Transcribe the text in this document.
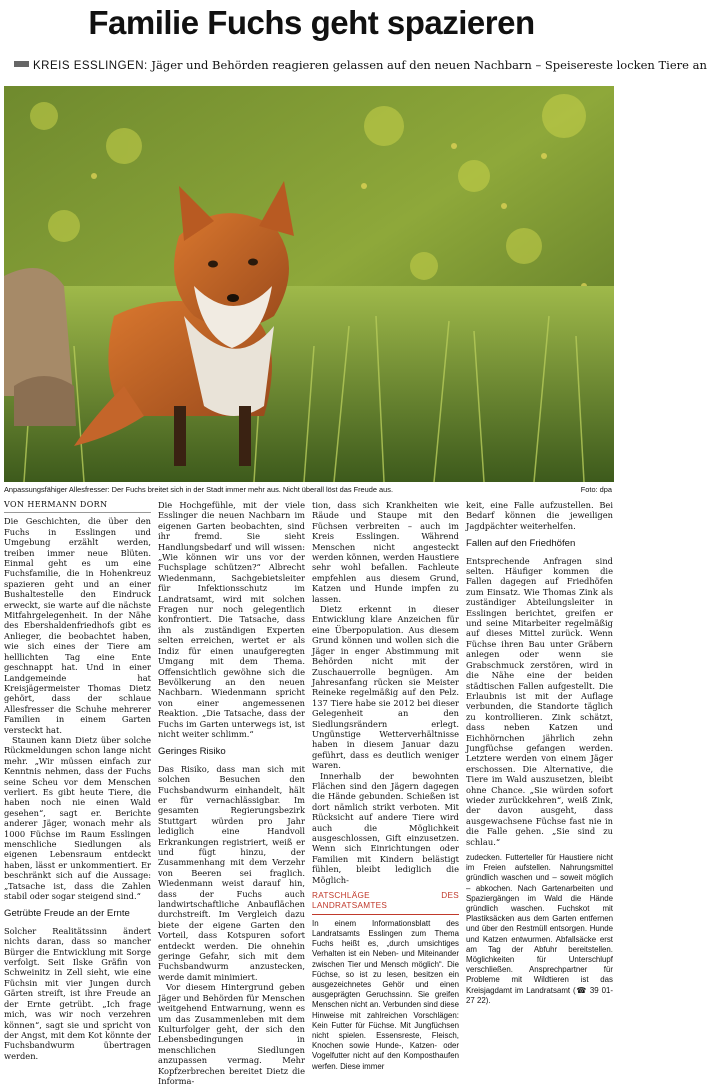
Familie Fuchs geht spazieren
KREIS ESSLINGEN: Jäger und Behörden reagieren gelassen auf den neuen Nachbarn – Speisereste locken Tiere an
Anpassungsfähiger Allesfresser: Der Fuchs breitet sich in der Stadt immer mehr aus. Nicht überall löst das Freude aus.	Foto: dpa
VON HERMANN DORN

Die Geschichten, die über den Fuchs in Esslingen und Umgebung erzählt werden, treiben immer neue Blüten. Einmal geht es um eine Fuchsfamilie, die in Hohenkreuz spazieren geht und an einer Bushaltestelle den Eindruck erweckt, sie warte auf die nächste Mitfahrgelegenheit. In der Nähe des Ebershaldenfriedhofs gibt es Anlieger, die beobachtet haben, wie sich eines der Tiere am helllichten Tag eine Ente geschnappt hat. Und in einer Landgemeinde hat Kreisjägermeister Thomas Dietz gehört, dass der schlaue Allesfresser die Schuhe mehrerer Familien in einem Garten versteckt hat.

Staunen kann Dietz über solche Rückmeldungen schon lange nicht mehr. „Wir müssen einfach zur Kenntnis nehmen, dass der Fuchs seine Scheu vor dem Menschen verliert. Es gibt heute Tiere, die haben noch nie einen Wald gesehen“, sagt er. Berichte anderer Jäger, wonach mehr als 1000 Füchse im Raum Esslingen menschliche Siedlungen als eigenen Lebensraum entdeckt haben, lässt er unkommentiert. Er beschränkt sich auf die Aussage: „Tatsache ist, dass die Zahlen stabil oder sogar steigend sind.“

Getrübte Freude an der Ernte

Solcher Realitätssinn ändert nichts daran, dass so mancher Bürger die Entwicklung mit Sorge verfolgt. Seit Ilske Gräfin von Schweinitz in Zell sieht, wie eine Füchsin mit vier Jungen durch Gärten streift, ist ihre Freude an der Ernte getrübt. „Ich frage mich, was wir noch verzehren können“, sagt sie und spricht von der Angst, mit dem Kot könnte der Fuchsbandwurm übertragen werden.

Die Hochgefühle, mit der viele Esslinger die neuen Nachbarn im eigenen Garten beobachten, sind ihr fremd. Sie sieht Handlungsbedarf und will wissen: „Wie können wir uns vor der Fuchsplage schützen?“ Albrecht Wiedenmann, Sachgebietsleiter für Infektionsschutz im Landratsamt, wird mit solchen Fragen nur noch gelegentlich konfrontiert. Die Tatsache, dass ihn als zuständigen Experten selten erreichen, wertet er als Indiz für einen unaufgeregten Umgang mit dem Thema. Offensichtlich gewöhne sich die Bevölkerung an den neuen Nachbarn. Wiedenmann spricht von einer angemessenen Reaktion. „Die Tatsache, dass der Fuchs im Garten unterwegs ist, ist nicht weiter schlimm.“

Geringes Risiko

Das Risiko, dass man sich mit solchen Besuchen den Fuchsbandwurm einhandelt, hält er für vernachlässigbar. Im gesamten Regierungsbezirk Stuttgart würden pro Jahr lediglich eine Handvoll Erkrankungen registriert, weiß er und fügt hinzu, der Zusammenhang mit dem Verzehr von Beeren sei fraglich. Wiedenmann weist darauf hin, dass der Fuchs auch landwirtschaftliche Anbauflächen durchstreift. Im Vergleich dazu biete der eigene Garten den Vorteil, dass Kotspuren sofort entdeckt werden. Die ohnehin geringe Gefahr, sich mit dem Fuchsbandwurm anzustecken, werde damit minimiert.

Vor diesem Hintergrund geben Jäger und Behörden für Menschen weitgehend Entwarnung, wenn es um das Zusammenleben mit dem Kulturfolger geht, der sich den Lebensbedingungen in menschlichen Siedlungen anzupassen vermag. Mehr Kopfzerbrechen bereitet Dietz die Informa-

tion, dass sich Krankheiten wie Räude und Staupe mit den Füchsen verbreiten – auch im Kreis Esslingen. Während Menschen nicht angesteckt werden können, werden Haustiere sehr wohl befallen. Fachleute empfehlen aus diesem Grund, Katzen und Hunde impfen zu lassen.

Dietz erkennt in dieser Entwicklung klare Anzeichen für eine Überpopulation. Aus diesem Grund können und wollen sich die Jäger in enger Abstimmung mit Behörden nicht mit der Zuschauerrolle begnügen. Am Jahresanfang rücken sie Meister Reineke regelmäßig auf den Pelz. 137 Tiere habe sie 2012 bei dieser Gelegenheit an den Siedlungsrändern erlegt. Ungünstige Wetterverhältnisse haben in diesem Januar dazu geführt, dass es deutlich weniger waren.

Innerhalb der bewohnten Flächen sind den Jägern dagegen die Hände gebunden. Schießen ist dort nämlich strikt verboten. Mit Rücksicht auf andere Tiere wird auch die Möglichkeit ausgeschlossen, Gift einzusetzen. Wenn sich Einrichtungen oder Familien mit Kindern belästigt fühlen, bleibt lediglich die Möglich-

RATSCHLÄGE DES LANDRATSAMTES

In einem Informationsblatt des Landratsamts Esslingen zum Thema Fuchs heißt es, „durch umsichtiges Verhalten ist ein Neben- und Miteinander zwischen Tier und Mensch möglich“. Die Füchse, so ist zu lesen, besitzen ein ausgezeichnetes Gehör und einen ausgeprägten Geruchssinn. Sie greifen Menschen nicht an. Verbunden sind diese Hinweise mit zahlreichen Vorschlägen: Kein Futter für Füchse. Mit Jungfüchsen nicht spielen. Essensreste, Fleisch, Knochen sowie Hunde-, Katzen- oder Vogelfutter nicht auf den Komposthaufen werfen. Diese immer

keit, eine Falle aufzustellen. Bei Bedarf können die jeweiligen Jagdpächter weiterhelfen.

Fallen auf den Friedhöfen

Entsprechende Anfragen sind selten. Häufiger kommen die Fallen dagegen auf Friedhöfen zum Einsatz. Wie Thomas Zink als zuständiger Abteilungsleiter in Esslingen berichtet, greifen er und seine Mitarbeiter regelmäßig auf dieses Mittel zurück. Wenn Füchse ihren Bau unter Gräbern anlegen oder wenn sie Grabschmuck zerstören, wird in die Nähe eine der beiden städtischen Fallen aufgestellt. Die Erlaubnis ist mit der Auflage verbunden, die Standorte täglich zu kontrollieren. Zink schätzt, dass neben Katzen und Eichhörnchen jährlich zehn Jungfüchse gefangen werden. Letztere werden von einem Jäger erschossen. Die Alternative, die Tiere im Wald auszusetzen, bleibt ohne Chance. „Sie würden sofort wieder zurückkehren“, weiß Zink, der davon ausgeht, dass ausgewachsene Füchse fast nie in die Falle gehen. „Sie sind zu schlau.“

zudecken. Futterteller für Haustiere nicht im Freien aufstellen. Nahrungsmittel gründlich waschen und – soweit möglich – abkochen. Nach Gartenarbeiten und Spaziergängen im Wald die Hände gründlich waschen. Fuchskot mit Plastiksäcken aus dem Garten entfernen und über den Restmüll entsorgen. Hunde und Katzen entwurmen. Abfallsäcke erst am Tag der Abfuhr bereitstellen. Möglichkeiten für Unterschlupf verschließen. Ansprechpartner für Probleme mit Wildtieren ist das Kreisjagdamt im Landratsamt (☎ 39 01-27 22).
